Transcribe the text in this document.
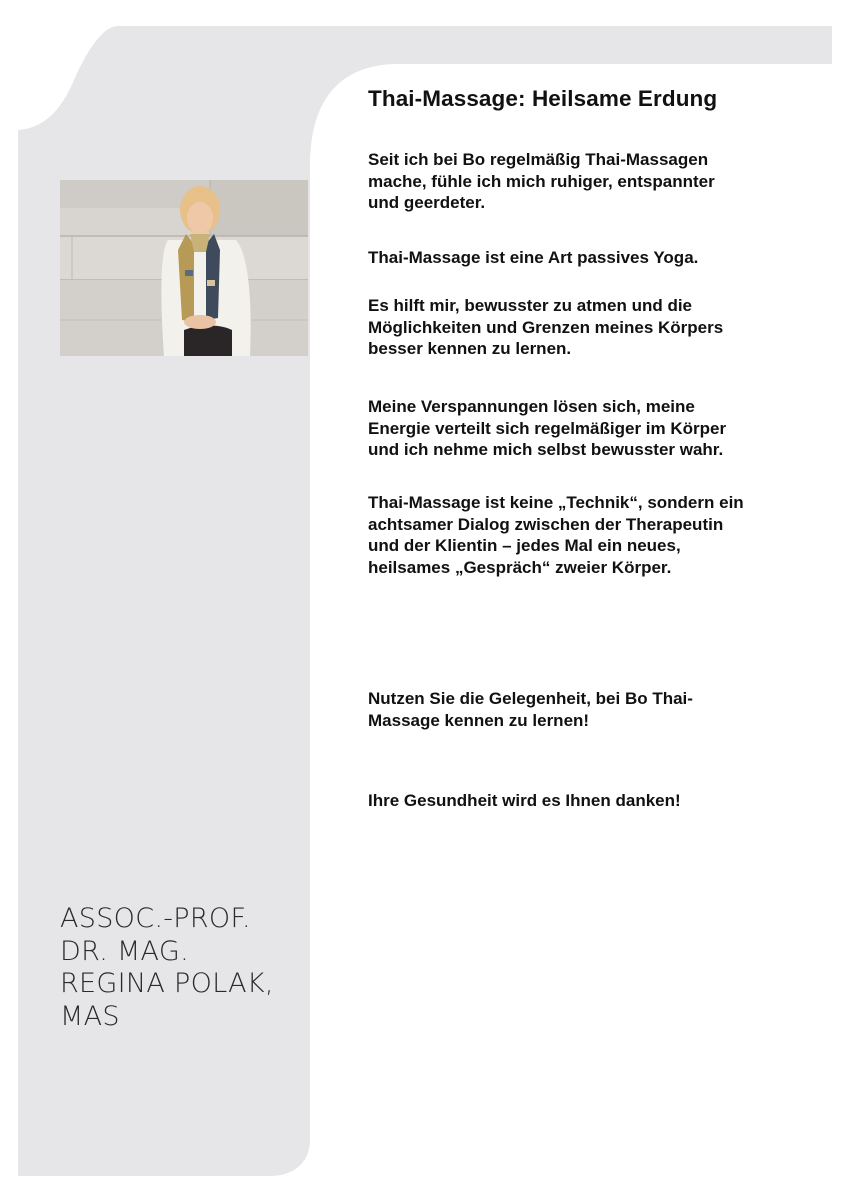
Thai-Massage: Heilsame Erdung

Seit ich bei Bo regelmäßig Thai-Massagen
mache, fühle ich mich ruhiger, entspannter
und geerdeter.

Thai-Massage ist eine Art passives Yoga.

Es hilft mir, bewusster zu atmen und die
Möglichkeiten und Grenzen meines Körpers
besser kennen zu lernen.

Meine Verspannungen lösen sich, meine
Energie verteilt sich regelmäßiger im Körper
und ich nehme mich selbst bewusster wahr.

Thai-Massage ist keine „Technik“, sondern ein
achtsamer Dialog zwischen der Therapeutin
und der Klientin – jedes Mal ein neues,
heilsames „Gespräch“ zweier Körper.

Nutzen Sie die Gelegenheit, bei Bo Thai-
Massage kennen zu lernen!

Ihre Gesundheit wird es Ihnen danken!

ASSOC.-PROF.
DR. MAG.
REGINA POLAK,
MAS
